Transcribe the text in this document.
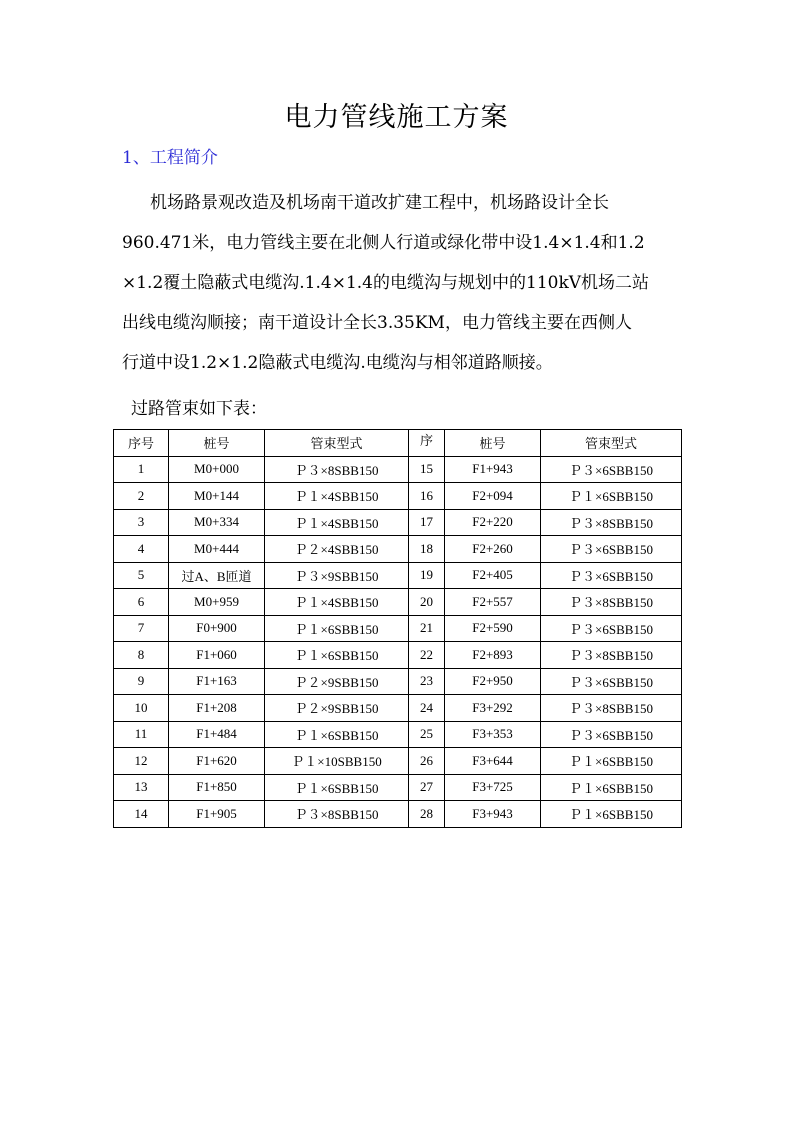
电力管线施工方案
1、工程简介
机场路景观改造及机场南干道改扩建工程中，机场路设计全长
960.471米，电力管线主要在北侧人行道或绿化带中设1.4×1.4和1.2
×1.2覆土隐蔽式电缆沟.1.4×1.4的电缆沟与规划中的110kV机场二站
出线电缆沟顺接；南干道设计全长3.35KM，电力管线主要在西侧人
行道中设1.2×1.2隐蔽式电缆沟.电缆沟与相邻道路顺接。
过路管束如下表：
序号	桩号	管束型式	序	桩号	管束型式
1	M0+000	Ｐ３×8SBB150	15	F1+943	Ｐ３×6SBB150
2	M0+144	Ｐ１×4SBB150	16	F2+094	Ｐ１×6SBB150
3	M0+334	Ｐ１×4SBB150	17	F2+220	Ｐ３×8SBB150
4	M0+444	Ｐ２×4SBB150	18	F2+260	Ｐ３×6SBB150
5	过A、B匝道	Ｐ３×9SBB150	19	F2+405	Ｐ３×6SBB150
6	M0+959	Ｐ１×4SBB150	20	F2+557	Ｐ３×8SBB150
7	F0+900	Ｐ１×6SBB150	21	F2+590	Ｐ３×6SBB150
8	F1+060	Ｐ１×6SBB150	22	F2+893	Ｐ３×8SBB150
9	F1+163	Ｐ２×9SBB150	23	F2+950	Ｐ３×6SBB150
10	F1+208	Ｐ２×9SBB150	24	F3+292	Ｐ３×8SBB150
11	F1+484	Ｐ１×6SBB150	25	F3+353	Ｐ３×6SBB150
12	F1+620	Ｐ１×10SBB150	26	F3+644	Ｐ１×6SBB150
13	F1+850	Ｐ１×6SBB150	27	F3+725	Ｐ１×6SBB150
14	F1+905	Ｐ３×8SBB150	28	F3+943	Ｐ１×6SBB150
